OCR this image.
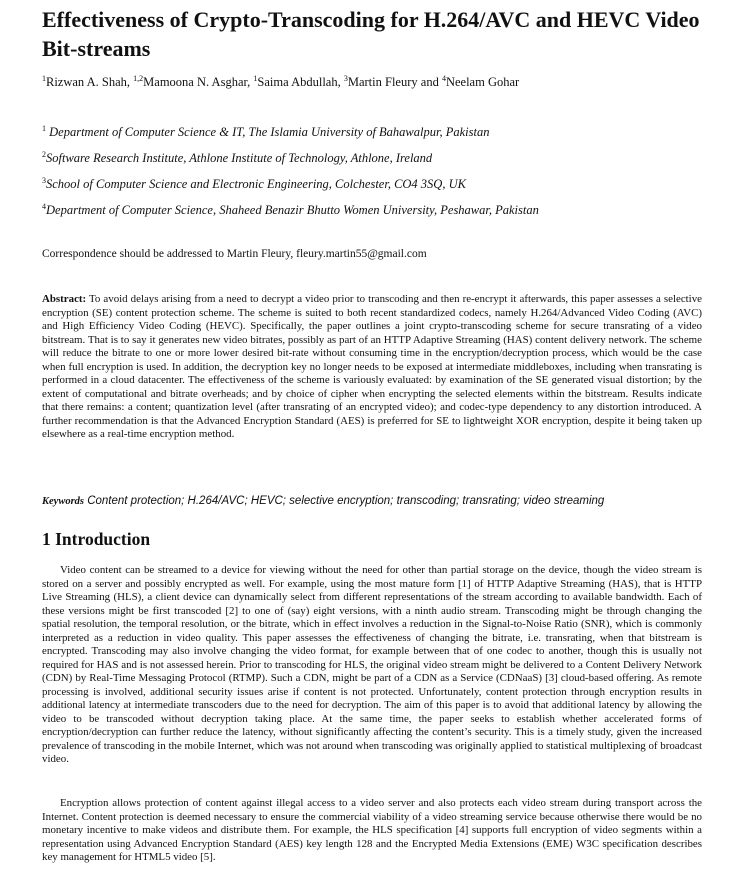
Effectiveness of Crypto-Transcoding for H.264/AVC and HEVC Video Bit-streams
$^1$Rizwan A. Shah, $^{1,2}$Mamoona N. Asghar, $^1$Saima Abdullah, $^3$Martin Fleury and $^4$Neelam Gohar
$^1$ Department of Computer Science & IT, The Islamia University of Bahawalpur, Pakistan
$^2$Software Research Institute, Athlone Institute of Technology, Athlone, Ireland
$^3$School of Computer Science and Electronic Engineering, Colchester, CO4 3SQ, UK
$^4$Department of Computer Science, Shaheed Benazir Bhutto Women University, Peshawar, Pakistan
Correspondence should be addressed to Martin Fleury, fleury.martin55@gmail.com

Abstract: To avoid delays arising from a need to decrypt a video prior to transcoding and then re-encrypt it afterwards, this paper assesses a selective encryption (SE) content protection scheme. The scheme is suited to both recent standardized codecs, namely H.264/Advanced Video Coding (AVC) and High Efficiency Video Coding (HEVC). Specifically, the paper outlines a joint crypto-transcoding scheme for secure transrating of a video bitstream. That is to say it generates new video bitrates, possibly as part of an HTTP Adaptive Streaming (HAS) content delivery network. The scheme will reduce the bitrate to one or more lower desired bit-rate without consuming time in the encryption/decryption process, which would be the case when full encryption is used. In addition, the decryption key no longer needs to be exposed at intermediate middleboxes, including when transrating is performed in a cloud datacenter. The effectiveness of the scheme is variously evaluated: by examination of the SE generated visual distortion; by the extent of computational and bitrate overheads; and by choice of cipher when encrypting the selected elements within the bitstream. Results indicate that there remains: a content; quantization level (after transrating of an encrypted video); and codec-type dependency to any distortion introduced. A further recommendation is that the Advanced Encryption Standard (AES) is preferred for SE to lightweight XOR encryption, despite it being taken up elsewhere as a real-time encryption method.

Keywords Content protection; H.264/AVC; HEVC; selective encryption; transcoding; transrating; video streaming
1 Introduction

Video content can be streamed to a device for viewing without the need for other than partial storage on the device, though the video stream is stored on a server and possibly encrypted as well. For example, using the most mature form [1] of HTTP Adaptive Streaming (HAS), that is HTTP Live Streaming (HLS), a client device can dynamically select from different representations of the stream according to available bandwidth. Each of these versions might be first transcoded [2] to one of (say) eight versions, with a ninth audio stream. Transcoding might be through changing the spatial resolution, the temporal resolution, or the bitrate, which in effect involves a reduction in the Signal-to-Noise Ratio (SNR), which is commonly interpreted as a reduction in video quality. This paper assesses the effectiveness of changing the bitrate, i.e. transrating, when that bitstream is encrypted. Transcoding may also involve changing the video format, for example between that of one codec to another, though this is usually not required for HAS and is not assessed herein. Prior to transcoding for HLS, the original video stream might be delivered to a Content Delivery Network (CDN) by Real-Time Messaging Protocol (RTMP). Such a CDN, might be part of a CDN as a Service (CDNaaS) [3] cloud-based offering. As remote processing is involved, additional security issues arise if content is not protected. Unfortunately, content protection through encryption results in additional latency at intermediate transcoders due to the need for decryption. The aim of this paper is to avoid that additional latency by allowing the video to be transcoded without decryption taking place. At the same time, the paper seeks to establish whether accelerated forms of encryption/decryption can further reduce the latency, without significantly affecting the content’s security. This is a timely study, given the increased prevalence of transcoding in the mobile Internet, which was not around when transcoding was originally applied to statistical multiplexing of broadcast video.

Encryption allows protection of content against illegal access to a video server and also protects each video stream during transport across the Internet. Content protection is deemed necessary to ensure the commercial viability of a video streaming service because otherwise there would be no monetary incentive to make videos and distribute them. For example, the HLS specification [4] supports full encryption of video segments within a representation using Advanced Encryption Standard (AES) key length 128 and the Encrypted Media Extensions (EME) W3C specification describes key management for HTML5 video [5].
